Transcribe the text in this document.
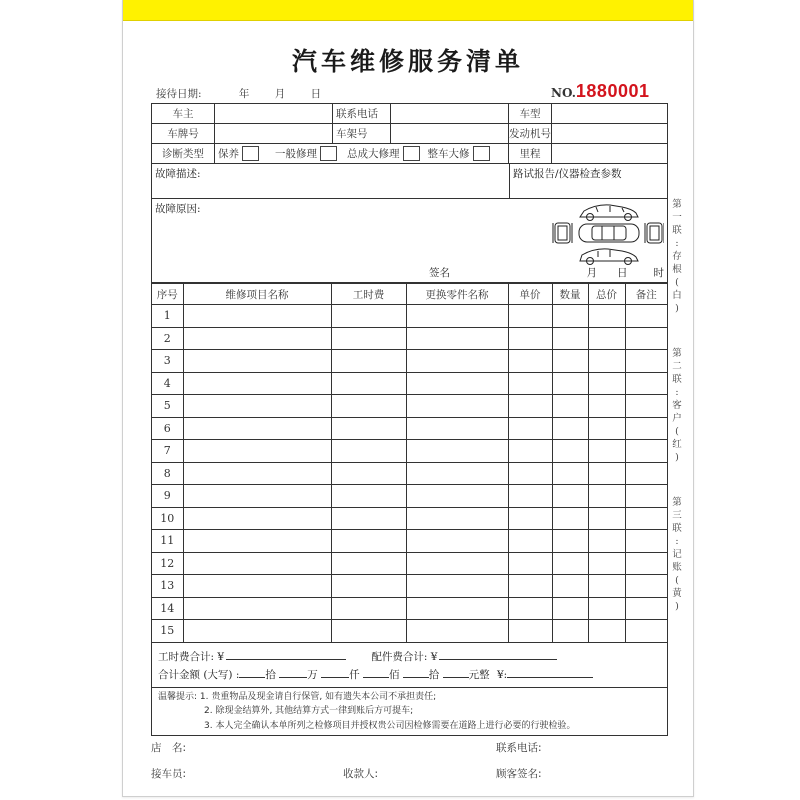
汽车维修服务清单
接待日期:	年 月 日	NO.1880001
车主	联系电话	车型
车牌号	车架号	发动机号
诊断类型	保养	一般修理	总成大修理	整车大修	里程
故障描述:	路试报告/仪器检查参数
故障原因:
签名	月 日 时
序号	维修项目名称	工时费	更换零件名称	单价	数量	总价	备注
1							
2							
3							
4							
5							
6							
7							
8							
9							
10							
11							
12							
13							
14							
15							
工时费合计: ¥	配件费合计: ¥
合计金额 (大写) : 拾	万	仟	佰	拾	元整 ¥:
温馨提示: 1. 贵重物品及现金请自行保管, 如有遗失本公司不承担责任;
2. 除现金结算外, 其他结算方式一律到账后方可提车;
3. 本人完全确认本单所列之检修项目并授权贵公司因检修需要在道路上进行必要的行驶检验。
店　名:	联系电话:
接车员:	收款人:	顾客签名:
第
一
联
:
存
根
(
白
)
第
二
联
:
客
户
(
红
)
第
三
联
:
记
账
(
黄
)
